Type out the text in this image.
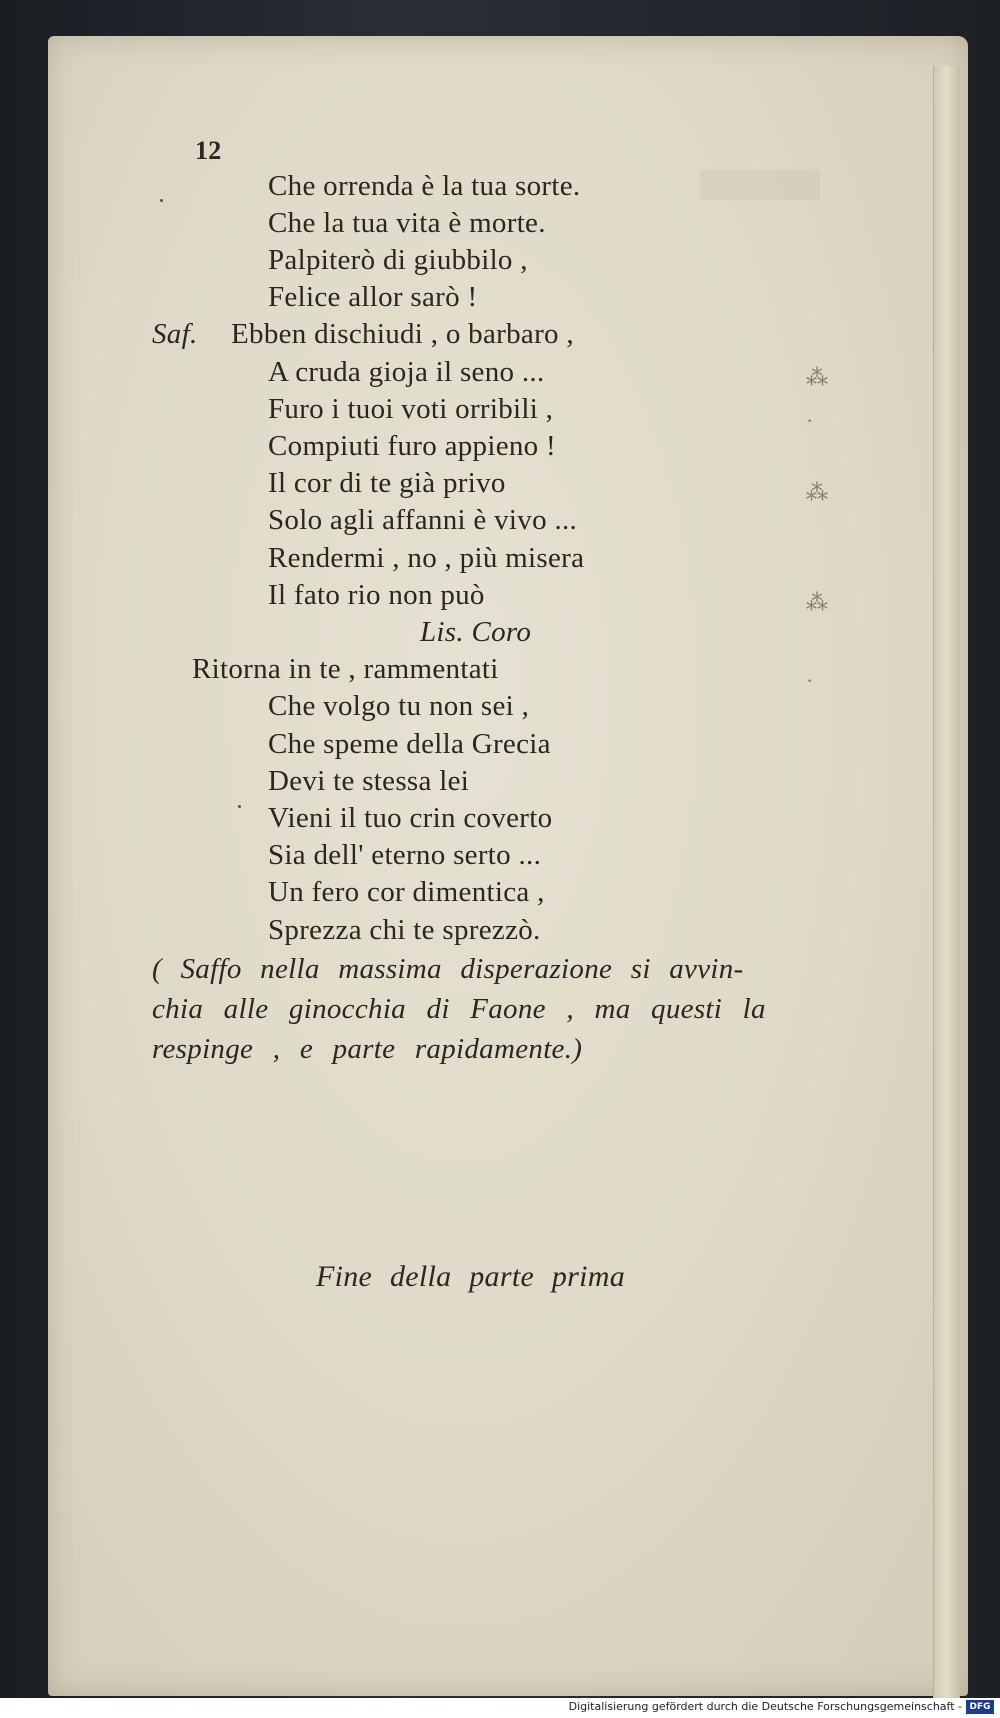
⁂
·
⁂
⁂
·
12
Che orrenda è la tua sorte.
Che la tua vita è morte.
Palpiterò di giubbilo ,
Felice allor sarò !
Saf. Ebben dischiudi , o barbaro ,
A cruda gioja il seno ...
Furo i tuoi voti orribili ,
Compiuti furo appieno !
Il cor di te già privo
Solo agli affanni è vivo ...
Rendermi , no , più misera
Il fato rio non può
Lis. Coro
Ritorna in te , rammentati
Che volgo tu non sei ,
Che speme della Grecia
Devi te stessa lei
Vieni il tuo crin coverto
Sia dell' eterno serto ...
Un fero cor dimentica ,
Sprezza chi te sprezzò.
( Saffo nella massima disperazione si avvin-
chia alle ginocchia di Faone , ma questi la
respinge , e parte rapidamente.)
Fine della parte prima
Digitalisierung gefördert durch die Deutsche Forschungsgemeinschaft - DFG
